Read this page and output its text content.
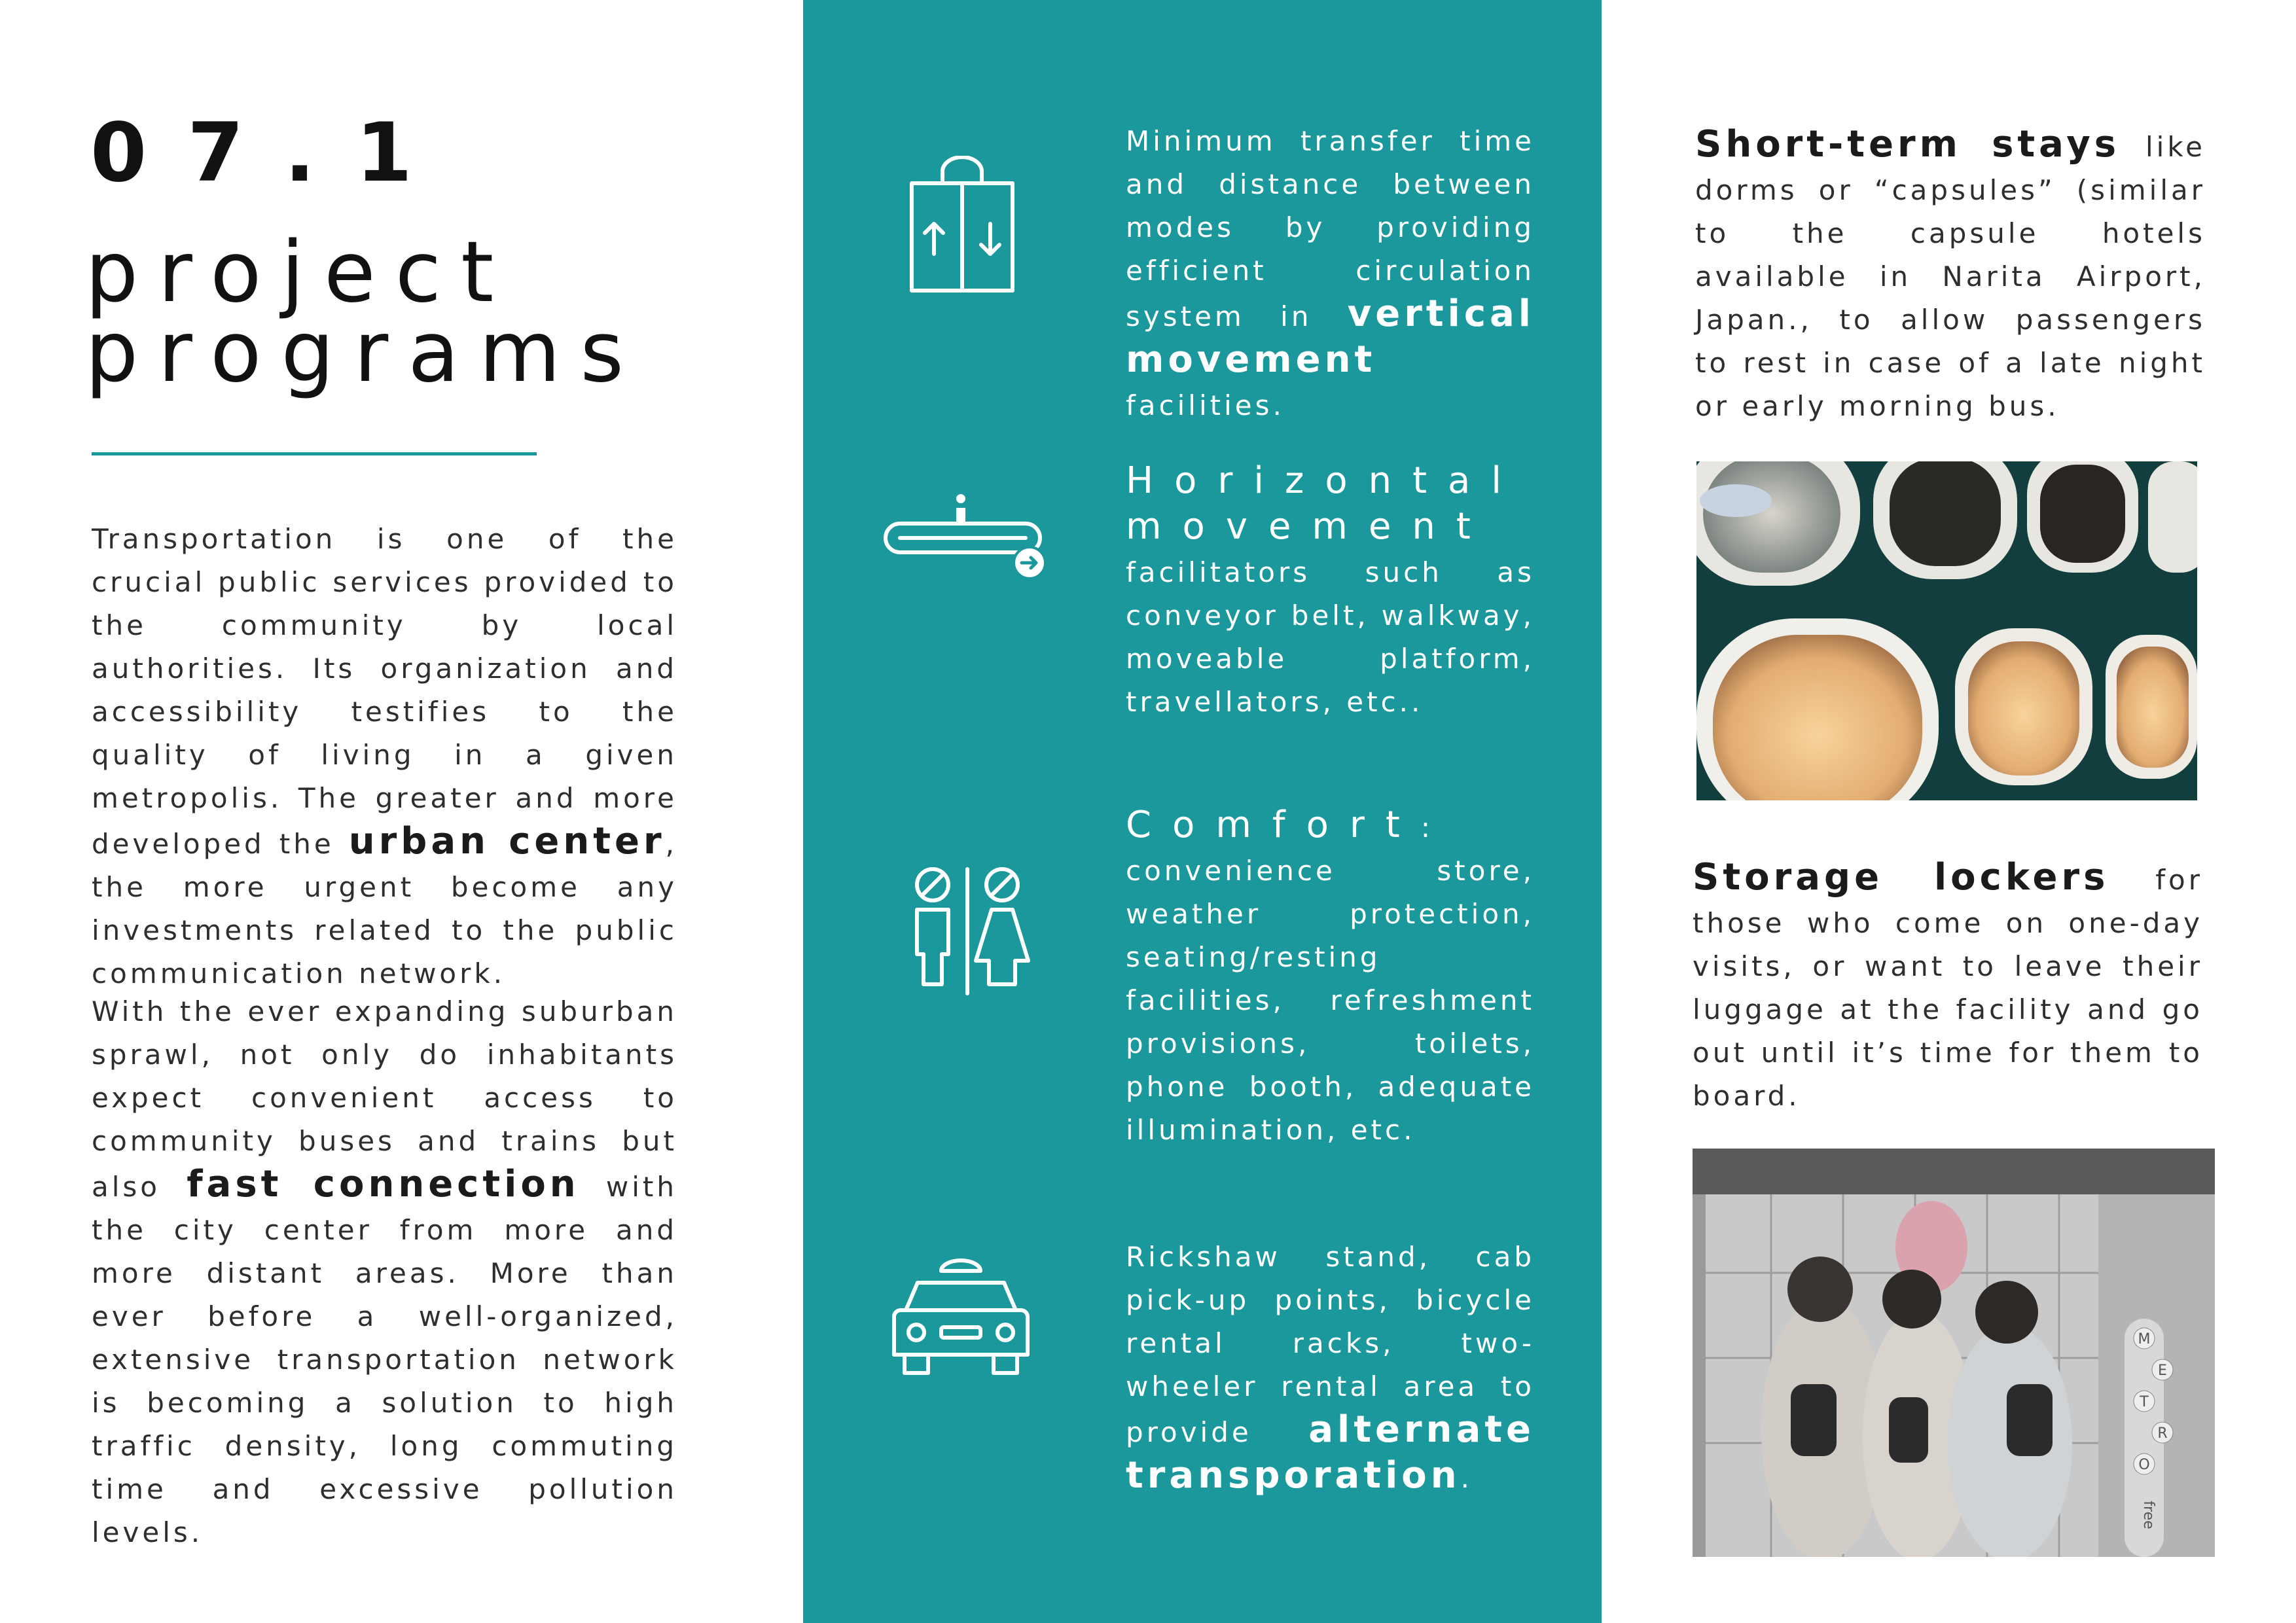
07.1
project
programs

Transportation is one of the crucial public services provided to the community by local authorities. Its organization and accessibility testifies to the quality of living in a given metropolis. The greater and more developed the urban center, the more urgent become any investments related to the public communication network.

With the ever expanding suburban sprawl, not only do inhabitants expect convenient access to community buses and trains but also fast connection with the city center from more and more distant areas. More than ever before a well-organized, extensive transportation network is becoming a solution to high traffic density, long commuting time and excessive pollution levels.

Minimum transfer time and distance between modes by providing efficient circulation system in vertical movement facilities.

Horizontal movement facilitators such as conveyor belt, walkway, moveable platform, travellators, etc..

Comfort: convenience store, weather protection, seating/resting facilities, refreshment provisions, toilets, phone booth, adequate illumination, etc.

Rickshaw stand, cab pick-up points, bicycle rental racks, two-wheeler rental area to provide alternate transporation.

Short-term stays like dorms or “capsules” (similar to the capsule hotels available in Narita Airport, Japan., to allow passengers to rest in case of a late night or early morning bus.

Storage lockers for those who come on one-day visits, or want to leave their luggage at the facility and go out until it’s time for them to board.

M
E
T
R
O
free
